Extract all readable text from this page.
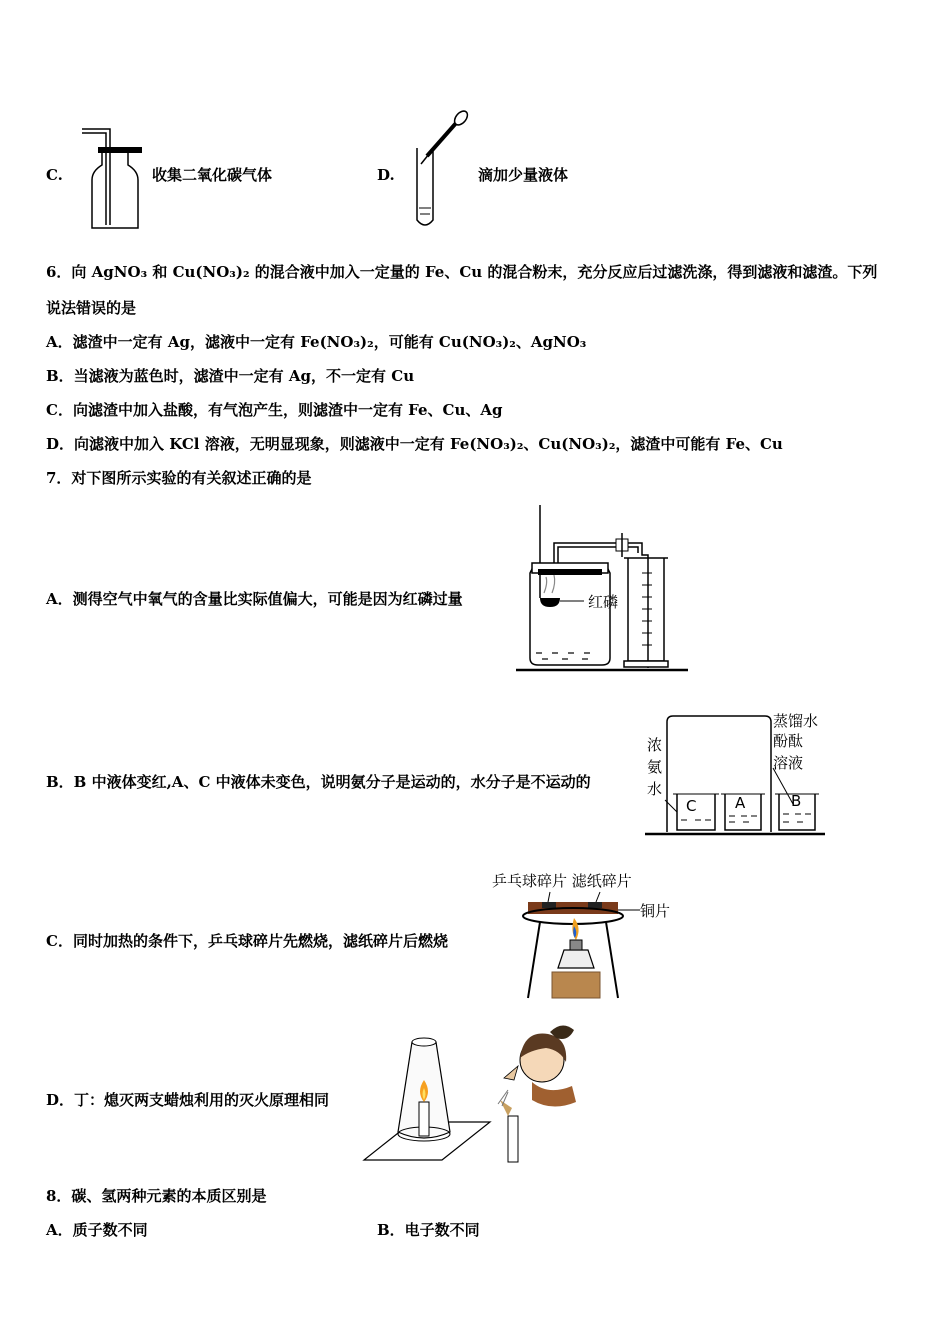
C.	收集二氧化碳气体	D.	滴加少量液体
6．向 AgNO₃ 和 Cu(NO₃)₂ 的混合液中加入一定量的 Fe、Cu 的混合粉末，充分反应后过滤洗涤，得到滤液和滤渣。下列
说法错误的是
A．滤渣中一定有 Ag，滤液中一定有 Fe(NO₃)₂，可能有 Cu(NO₃)₂、AgNO₃
B．当滤液为蓝色时，滤渣中一定有 Ag，不一定有 Cu
C．向滤渣中加入盐酸，有气泡产生，则滤渣中一定有 Fe、Cu、Ag
D．向滤液中加入 KCl 溶液，无明显现象，则滤液中一定有 Fe(NO₃)₂、Cu(NO₃)₂，滤渣中可能有 Fe、Cu
7．对下图所示实验的有关叙述正确的是
A．测得空气中氧气的含量比实际值偏大，可能是因为红磷过量	红磷
B．B 中液体变红,A、C 中液体未变色，说明氨分子是运动的，水分子是不运动的
C	A	B
浓
氨
水
蒸馏水
酚酞
溶液
C．同时加热的条件下，乒乓球碎片先燃烧，滤纸碎片后燃烧
乒乓球碎片 滤纸碎片
铜片
D．丁：熄灭两支蜡烛利用的灭火原理相同
8．碳、氢两种元素的本质区别是
A．质子数不同	B．电子数不同
